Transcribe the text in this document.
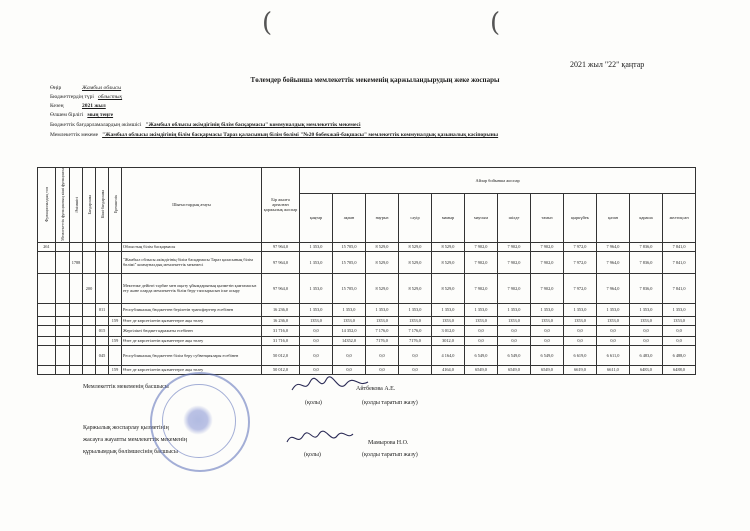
(	(
2021 жыл "22" қаңтар
Төлемдер бойынша мемлекеттік мекеменің қаржыландырудың жеке жоспары
Өңір	Жамбыл облысы
Бюджеттердің түрі облыстық
Кезең	2021 жыл
Өлшем бірлігі мың теңге
Бюджеттік бағдарламалардың әкімшісі "Жамбыл облысы әкімдігінің білім басқармасы" коммуналдық мемлекеттік мекемесі
Мемлекеттік мекеме "Жамбыл облысы әкімдігінің білім басқармасы Тараз қаласының білім бөлімі "№20 бөбекжай-бақшасы" мемлекеттік коммуналдық қазыналық кәсіпорыны
Функционалдық топ	Мемлекеттік функцияның кіші функциясы	Әкімшісі	Бағдарлама	Кіші бағдарлама	Ерекшелік	Шығыстардың атауы	Бір жылға арналған қаржылық жоспар	Айлар бойынша жоспар											
								қаңтар	ақпан	наурыз	сәуір	мамыр	маусым	шілде	тамыз	қыркүйек	қазан	қараша	желтоқсан
261						Облыстың білім басқармасы	97 964,0	1 353,0	15 705,0	8 529,0	8 529,0	8 529,0	7 902,0	7 902,0	7 902,0	7 972,0	7 964,0	7 836,0	7 841,0
		1788				"Жамбыл облысы әкімдігінің білім басқармасы Тараз қаласының білім бөлімі" коммуналдық мемлекеттік мекемесі	97 964,0	1 353,0	15 705,0	8 529,0	8 529,0	8 529,0	7 902,0	7 902,0	7 902,0	7 972,0	7 964,0	7 836,0	7 841,0
			200			Мектепке дейінгі тәрбие мен оқыту ұйымдарының қызметін қамтамасыз ету және оларда мемлекеттік білім беру тапсырысын іске асыру	97 964,0	1 353,0	15 705,0	8 529,0	8 529,0	8 529,0	7 902,0	7 902,0	7 902,0	7 972,0	7 964,0	7 836,0	7 841,0
				011		Республикалық бюджеттен берілетін трансферттер есебінен	16 236,0	1 353,0	1 353,0	1 353,0	1 353,0	1 353,0	1 353,0	1 353,0	1 353,0	1 353,0	1 353,0	1 353,0	1 353,0
					159	Өзге де көрсетілетін қызметтерге ақы төлеу	16 236,0	1353,0	1353,0	1353,0	1353,0	1353,0	1353,0	1353,0	1353,0	1353,0	1353,0	1353,0	1353,0
				015		Жергілікті бюджет қаражаты есебінен	31 716,0	0,0	14 352,0	7 176,0	7 176,0	3 012,0	0,0	0,0	0,0	0,0	0,0	0,0	0,0
					159	Өзге де көрсетілетін қызметтерге ақы төлеу	31 716,0	0,0	14352,0	7176,0	7176,0	3012,0	0,0	0,0	0,0	0,0	0,0	0,0	0,0
				045		Республикалық бюджеттен білім беру субвенциялары есебінен	50 012,0	0,0	0,0	0,0	0,0	4 164,0	6 549,0	6 549,0	6 549,0	6 619,0	6 611,0	6 483,0	6 488,0
					159	Өзге де көрсетілетін қызметтерге ақы төлеу	50 012,0	0,0	0,0	0,0	0,0	4164,0	6549,0	6549,0	6549,0	6619,0	6611,0	6483,0	6488,0
Мемлекеттік мекеменің басшысы
(қолы)
Айтбекова А.Е.
(қолды таратып жазу)
Қаржылық жоспарлау қызметінің
жасауға жауапты мемлекеттік мекеменің
құрылымдық бөлімшесінің басшысы
Мамырова Н.О.
(қолы)	(қолды таратып жазу)
